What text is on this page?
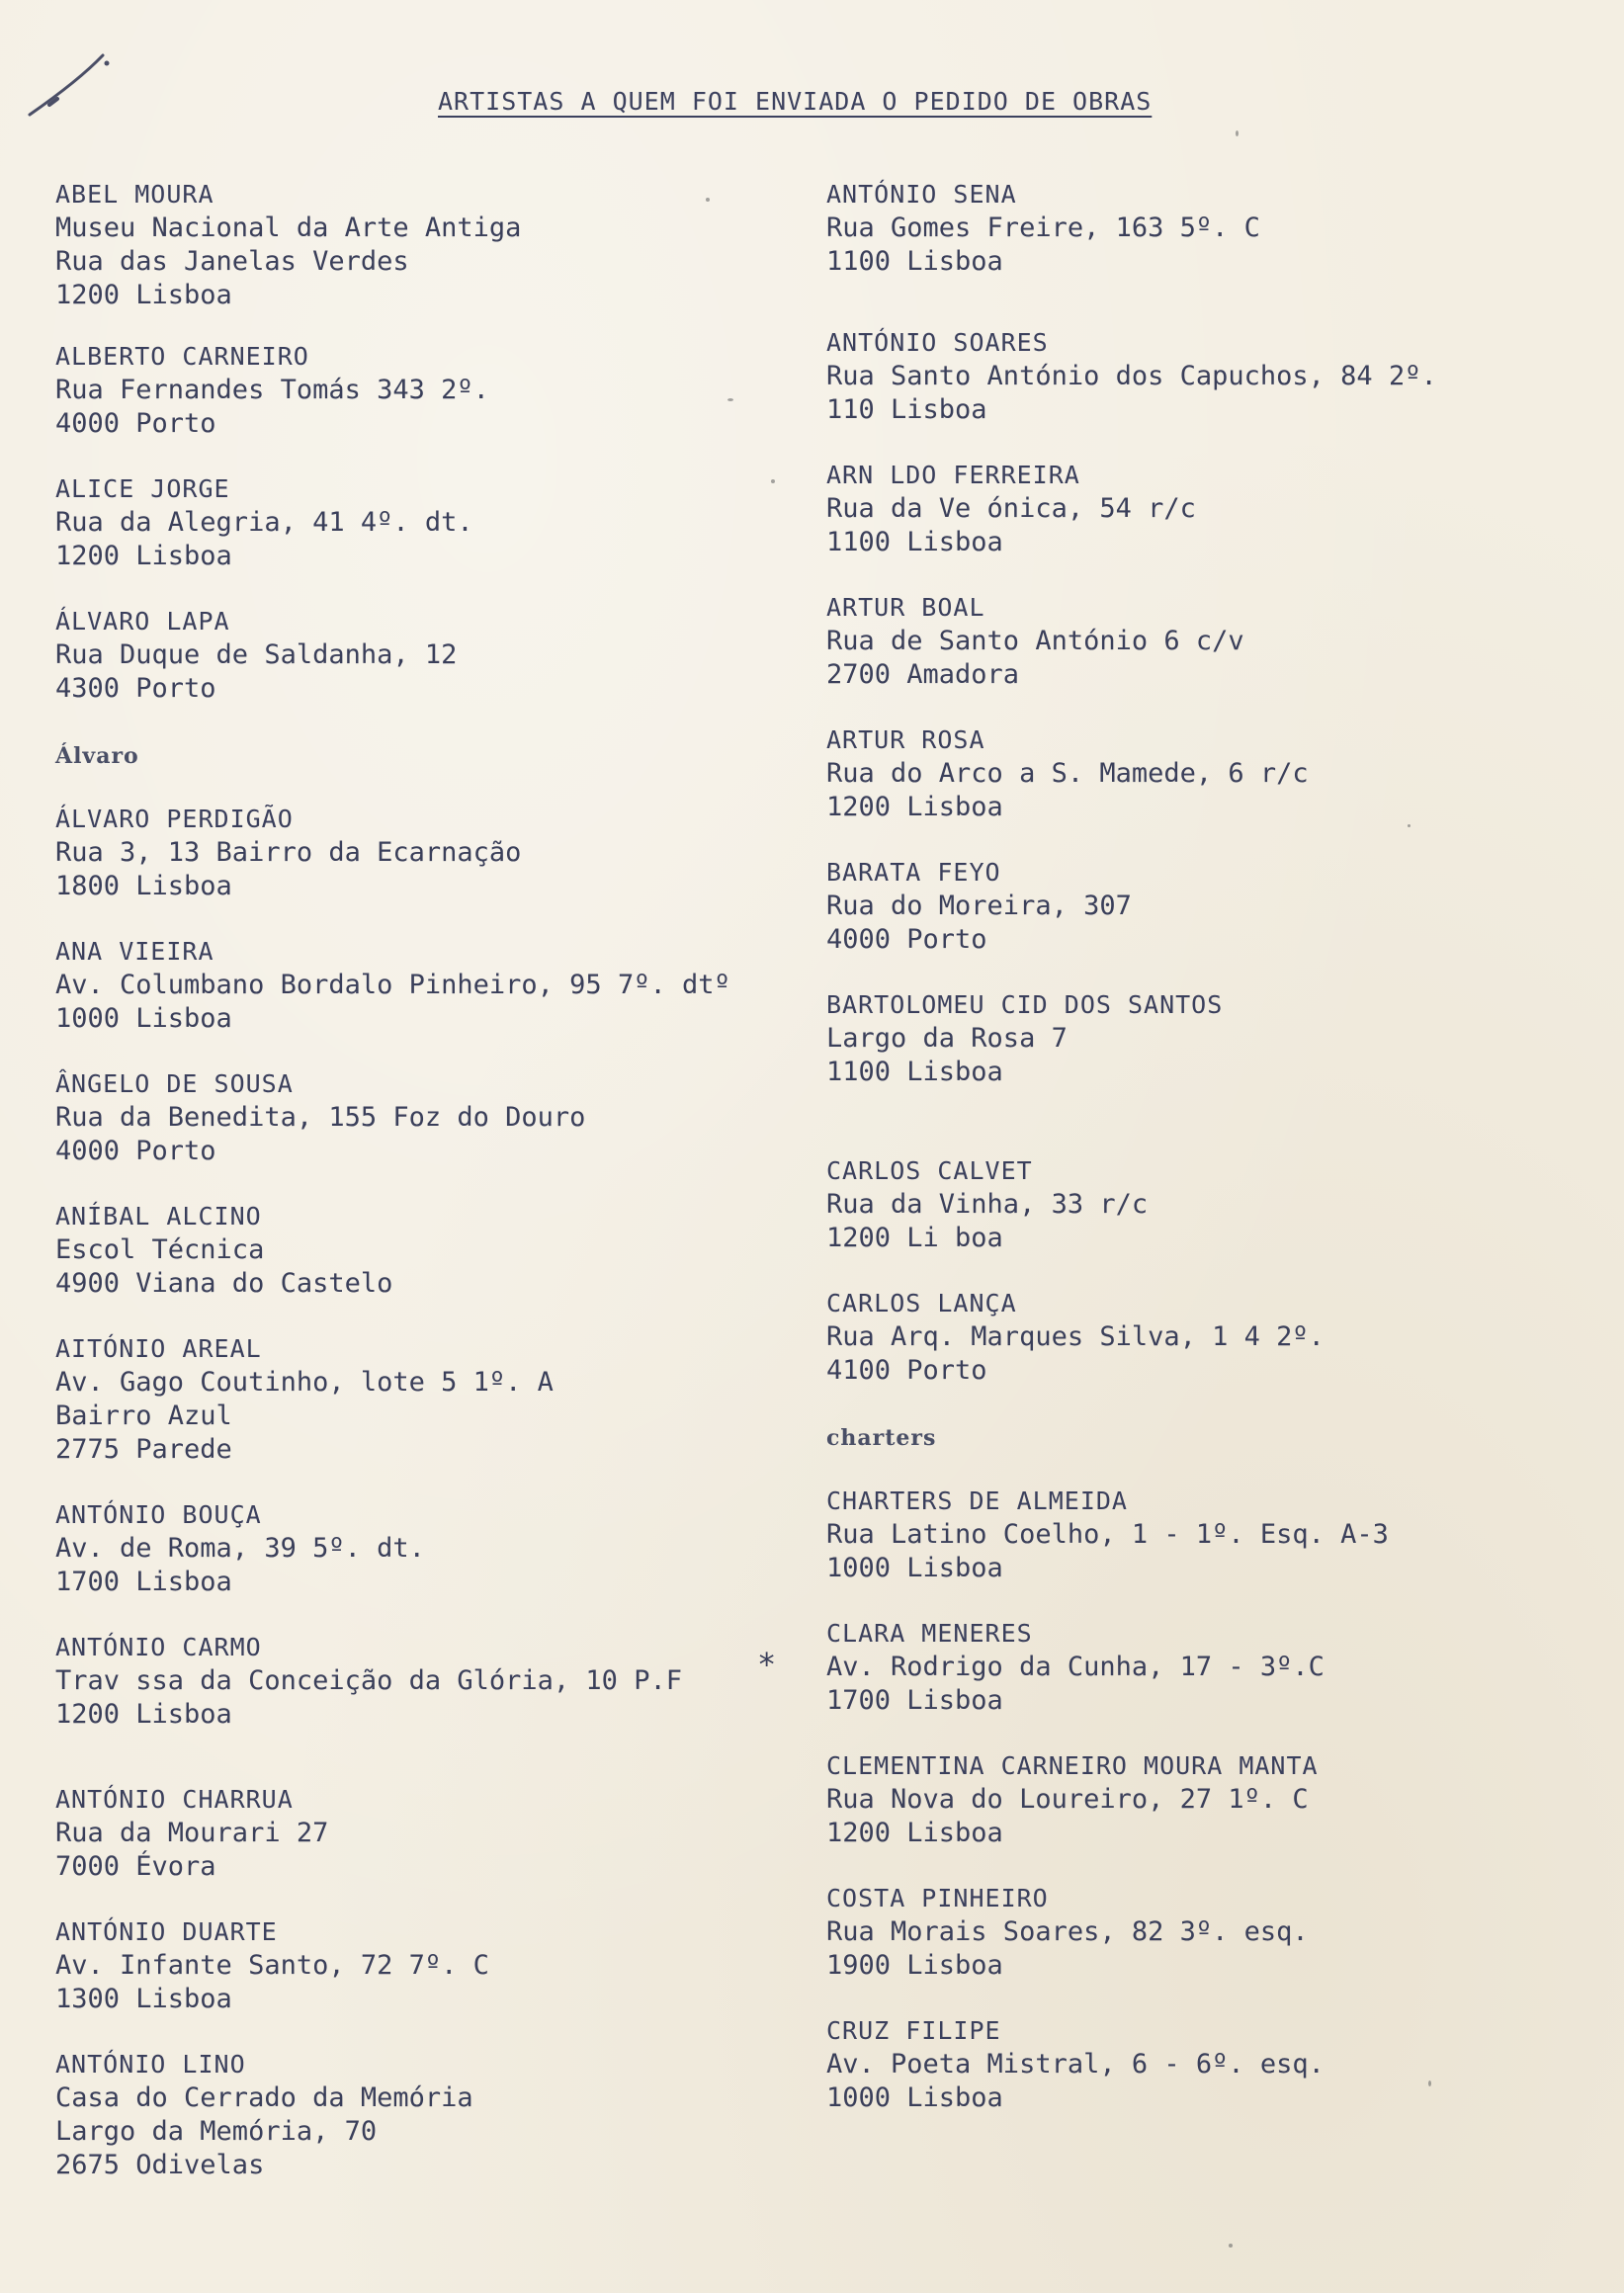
ARTISTAS A QUEM FOI ENVIADA O PEDIDO DE OBRAS
ABEL MOURA
Museu Nacional da Arte Antiga
Rua das Janelas Verdes
1200 Lisboa
ALBERTO CARNEIRO
Rua Fernandes Tomás 343 2º.
4000 Porto
ALICE JORGE
Rua da Alegria, 41 4º. dt.
1200 Lisboa
ÁLVARO LAPA
Rua Duque de Saldanha, 12
4300 Porto
ÁLVARO PERDIGÃO
Rua 3, 13 Bairro da Ecarnação
1800 Lisboa
ANA VIEIRA
Av. Columbano Bordalo Pinheiro, 95 7º. dtº
1000 Lisboa
ÂNGELO DE SOUSA
Rua da Benedita, 155 Foz do Douro
4000 Porto
ANÍBAL ALCINO
Escol Técnica
4900 Viana do Castelo
AITÓNIO AREAL
Av. Gago Coutinho, lote 5 1º. A
Bairro Azul
2775 Parede
ANTÓNIO BOUÇA
Av. de Roma, 39 5º. dt.
1700 Lisboa
ANTÓNIO CARMO
Trav ssa da Conceição da Glória, 10 P.F
1200 Lisboa
ANTÓNIO CHARRUA
Rua da Mourari 27
7000 Évora
ANTÓNIO DUARTE
Av. Infante Santo, 72 7º. C
1300 Lisboa
ANTÓNIO LINO
Casa do Cerrado da Memória
Largo da Memória, 70
2675 Odivelas
Álvaro
ANTÓNIO SENA
Rua Gomes Freire, 163 5º. C
1100 Lisboa
ANTÓNIO SOARES
Rua Santo António dos Capuchos, 84 2º.
110 Lisboa
ARN LDO FERREIRA
Rua da Ve ónica, 54 r/c
1100 Lisboa
ARTUR BOAL
Rua de Santo António 6 c/v
2700 Amadora
ARTUR ROSA
Rua do Arco a S. Mamede, 6 r/c
1200 Lisboa
BARATA FEYO
Rua do Moreira, 307
4000 Porto
BARTOLOMEU CID DOS SANTOS
Largo da Rosa 7
1100 Lisboa
CARLOS CALVET
Rua da Vinha, 33 r/c
1200 Li boa
CARLOS LANÇA
Rua Arq. Marques Silva, 1 4 2º.
4100 Porto
CHARTERS DE ALMEIDA
Rua Latino Coelho, 1 - 1º. Esq. A-3
1000 Lisboa
CLARA MENERES
Av. Rodrigo da Cunha, 17 - 3º.C
1700 Lisboa
CLEMENTINA CARNEIRO MOURA MANTA
Rua Nova do Loureiro, 27 1º. C
1200 Lisboa
COSTA PINHEIRO
Rua Morais Soares, 82 3º. esq.
1900 Lisboa
CRUZ FILIPE
Av. Poeta Mistral, 6 - 6º. esq.
1000 Lisboa
charters
*
